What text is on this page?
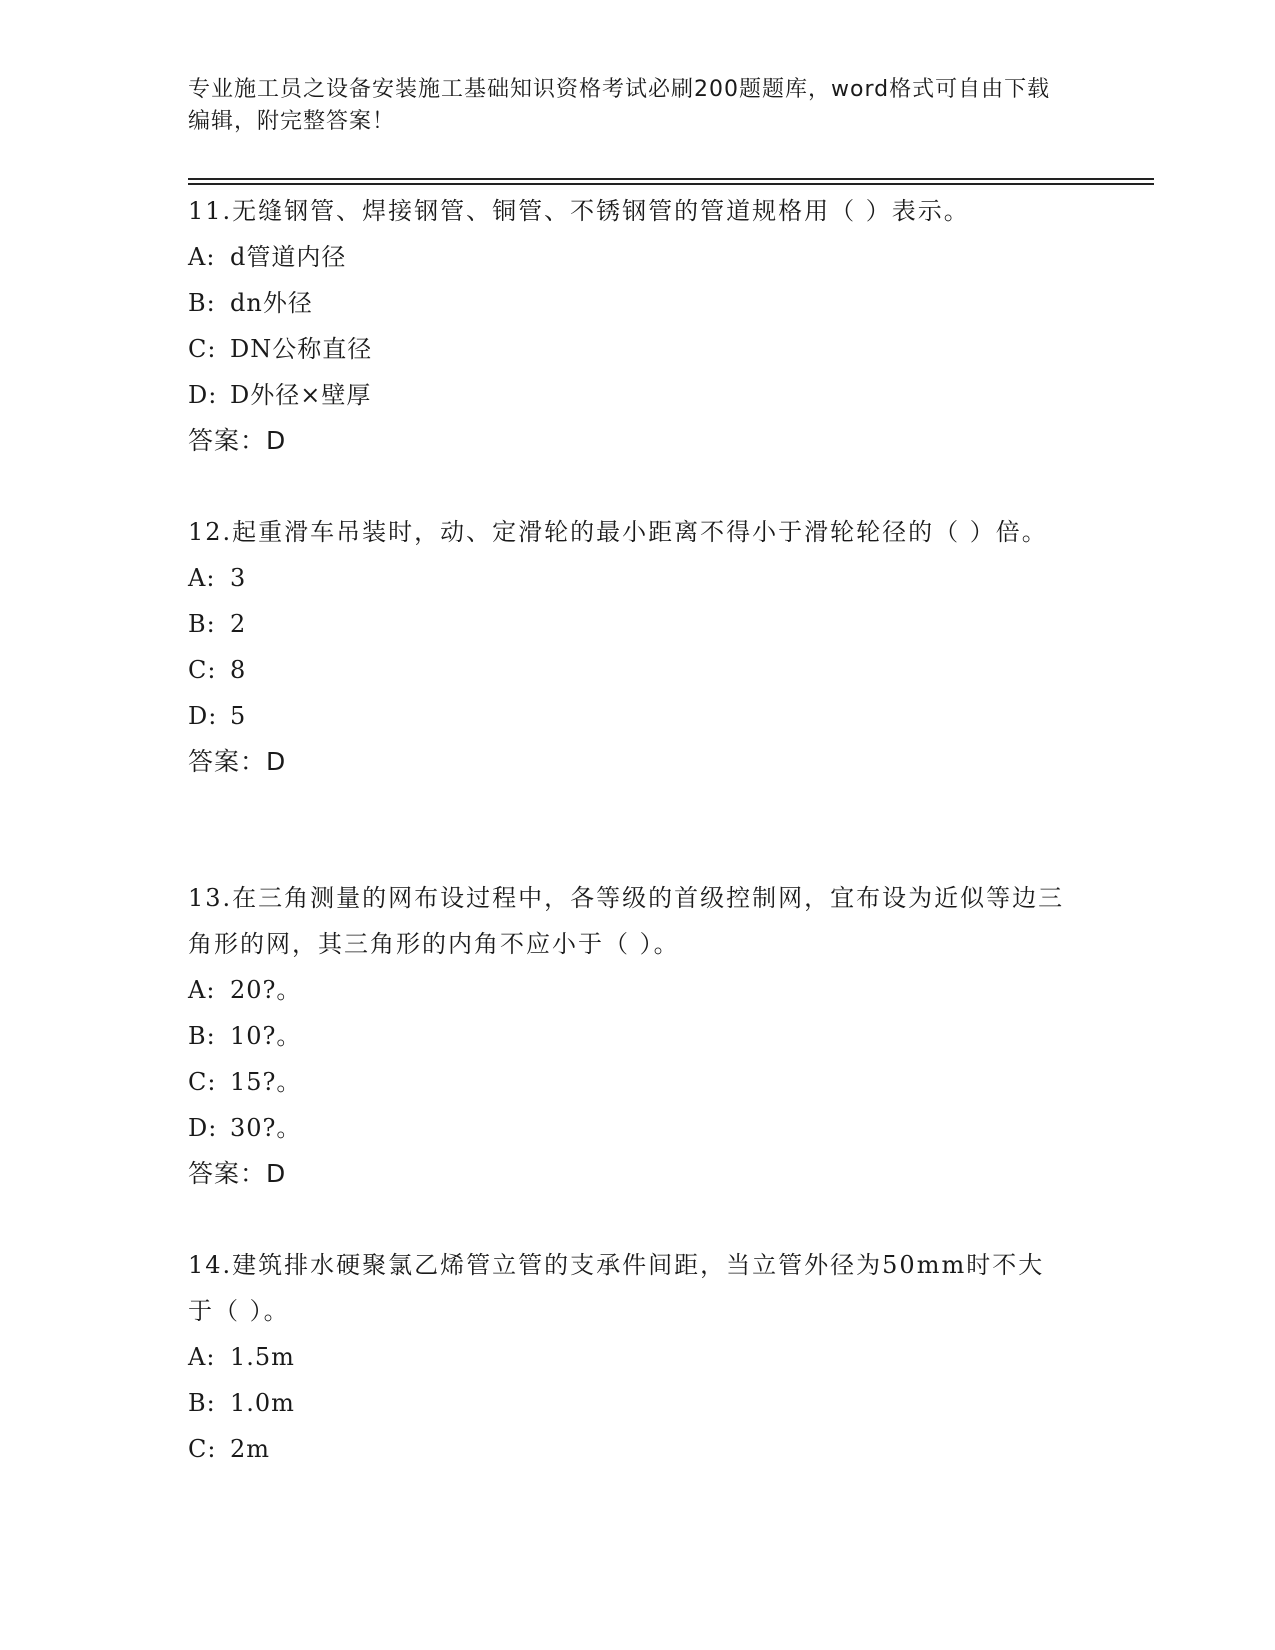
专业施工员之设备安装施工基础知识资格考试必刷200题题库，word格式可自由下载编辑，附完整答案！

11.无缝钢管、焊接钢管、铜管、不锈钢管的管道规格用（ ）表示。

A: d管道内径
B: dn外径
C: DN公称直径
D: D外径×壁厚
答案：D

12.起重滑车吊装时，动、定滑轮的最小距离不得小于滑轮轮径的（ ）倍。

A: 3
B: 2
C: 8
D: 5
答案：D

13.在三角测量的网布设过程中，各等级的首级控制网，宜布设为近似等边三角形的网，其三角形的内角不应小于（ ）。

A: 20?。
B: 10?。
C: 15?。
D: 30?。
答案：D

14.建筑排水硬聚氯乙烯管立管的支承件间距，当立管外径为50mm时不大于（ ）。

A: 1.5m
B: 1.0m
C: 2m
